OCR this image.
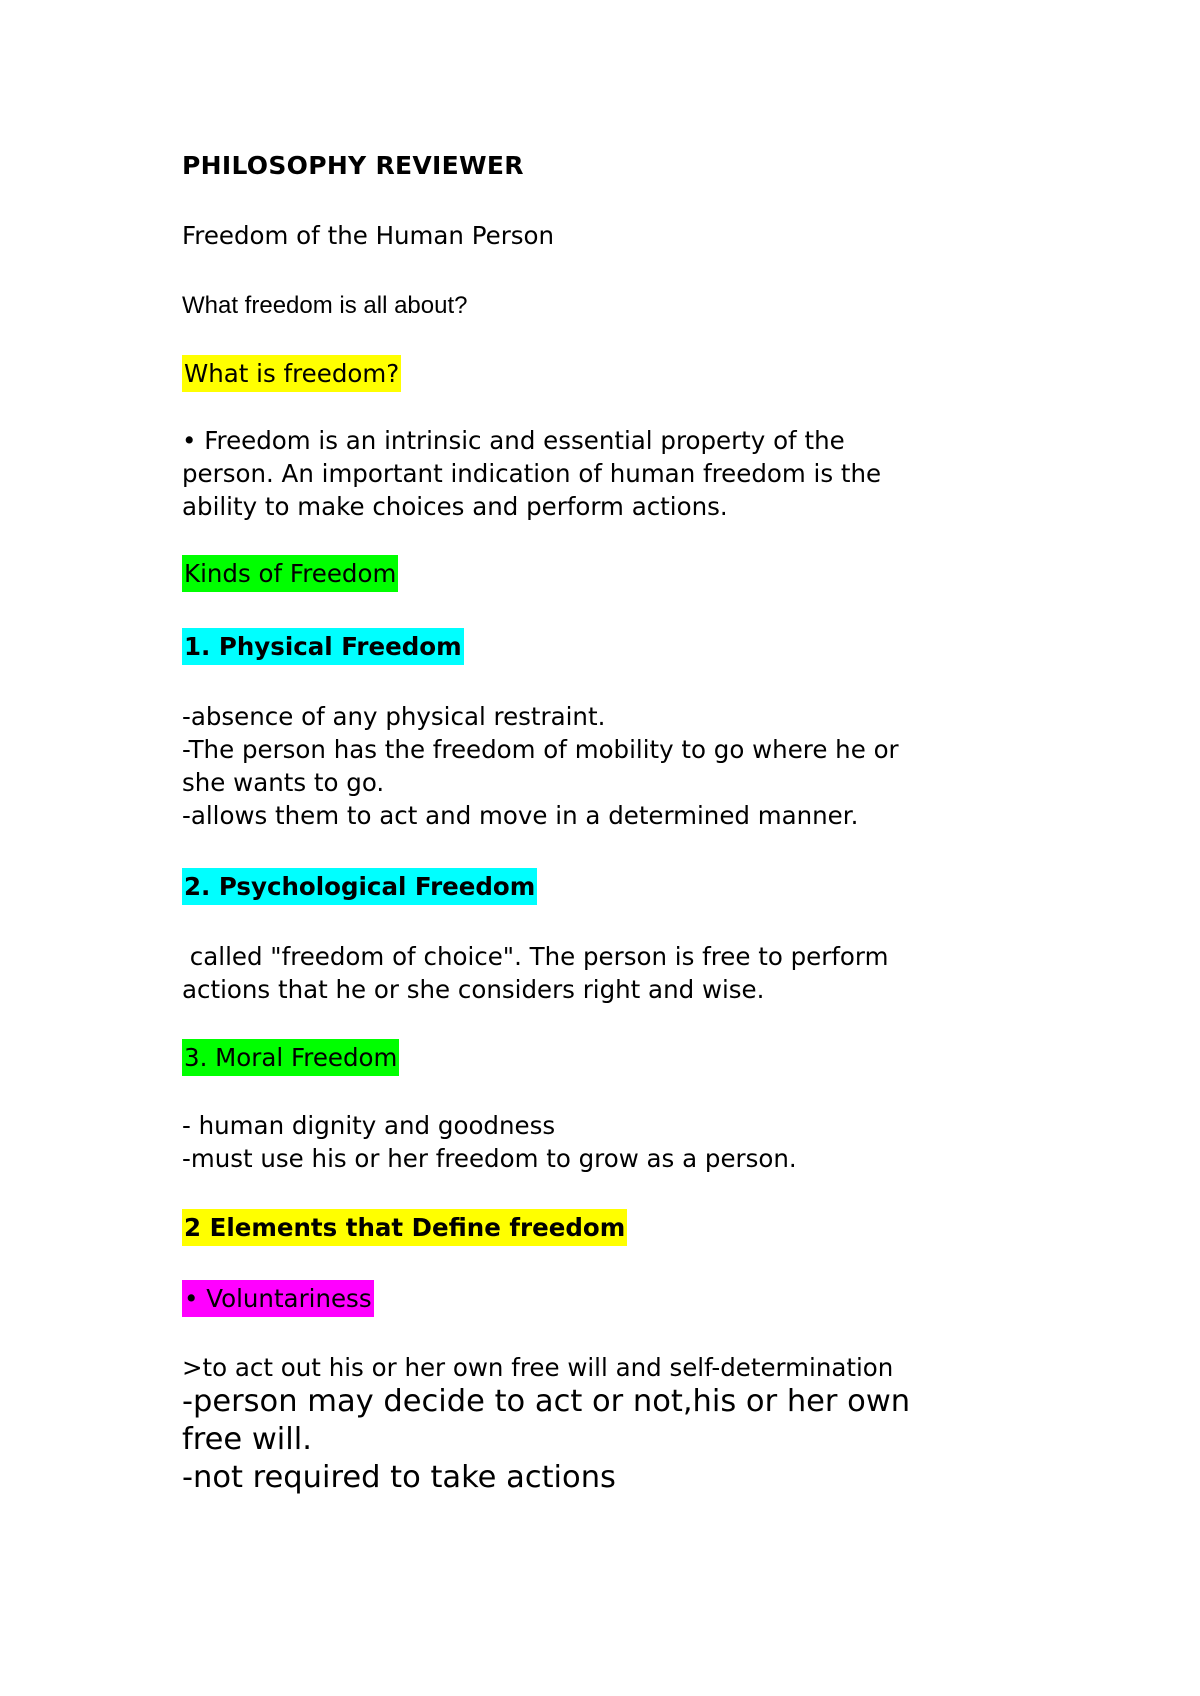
PHILOSOPHY REVIEWER

Freedom of the Human Person

What freedom is all about?

What is freedom?

• Freedom is an intrinsic and essential property of the
person. An important indication of human freedom is the
ability to make choices and perform actions.

Kinds of Freedom

1. Physical Freedom

-absence of any physical restraint.
-The person has the freedom of mobility to go where he or
she wants to go.
-allows them to act and move in a determined manner.

2. Psychological Freedom

called "freedom of choice". The person is free to perform
actions that he or she considers right and wise.

3. Moral Freedom

- human dignity and goodness
-must use his or her freedom to grow as a person.

2 Elements that Define freedom

• Voluntariness

>to act out his or her own free will and self-determination

-person may decide to act or not,his or her own
free will.
-not required to take actions
